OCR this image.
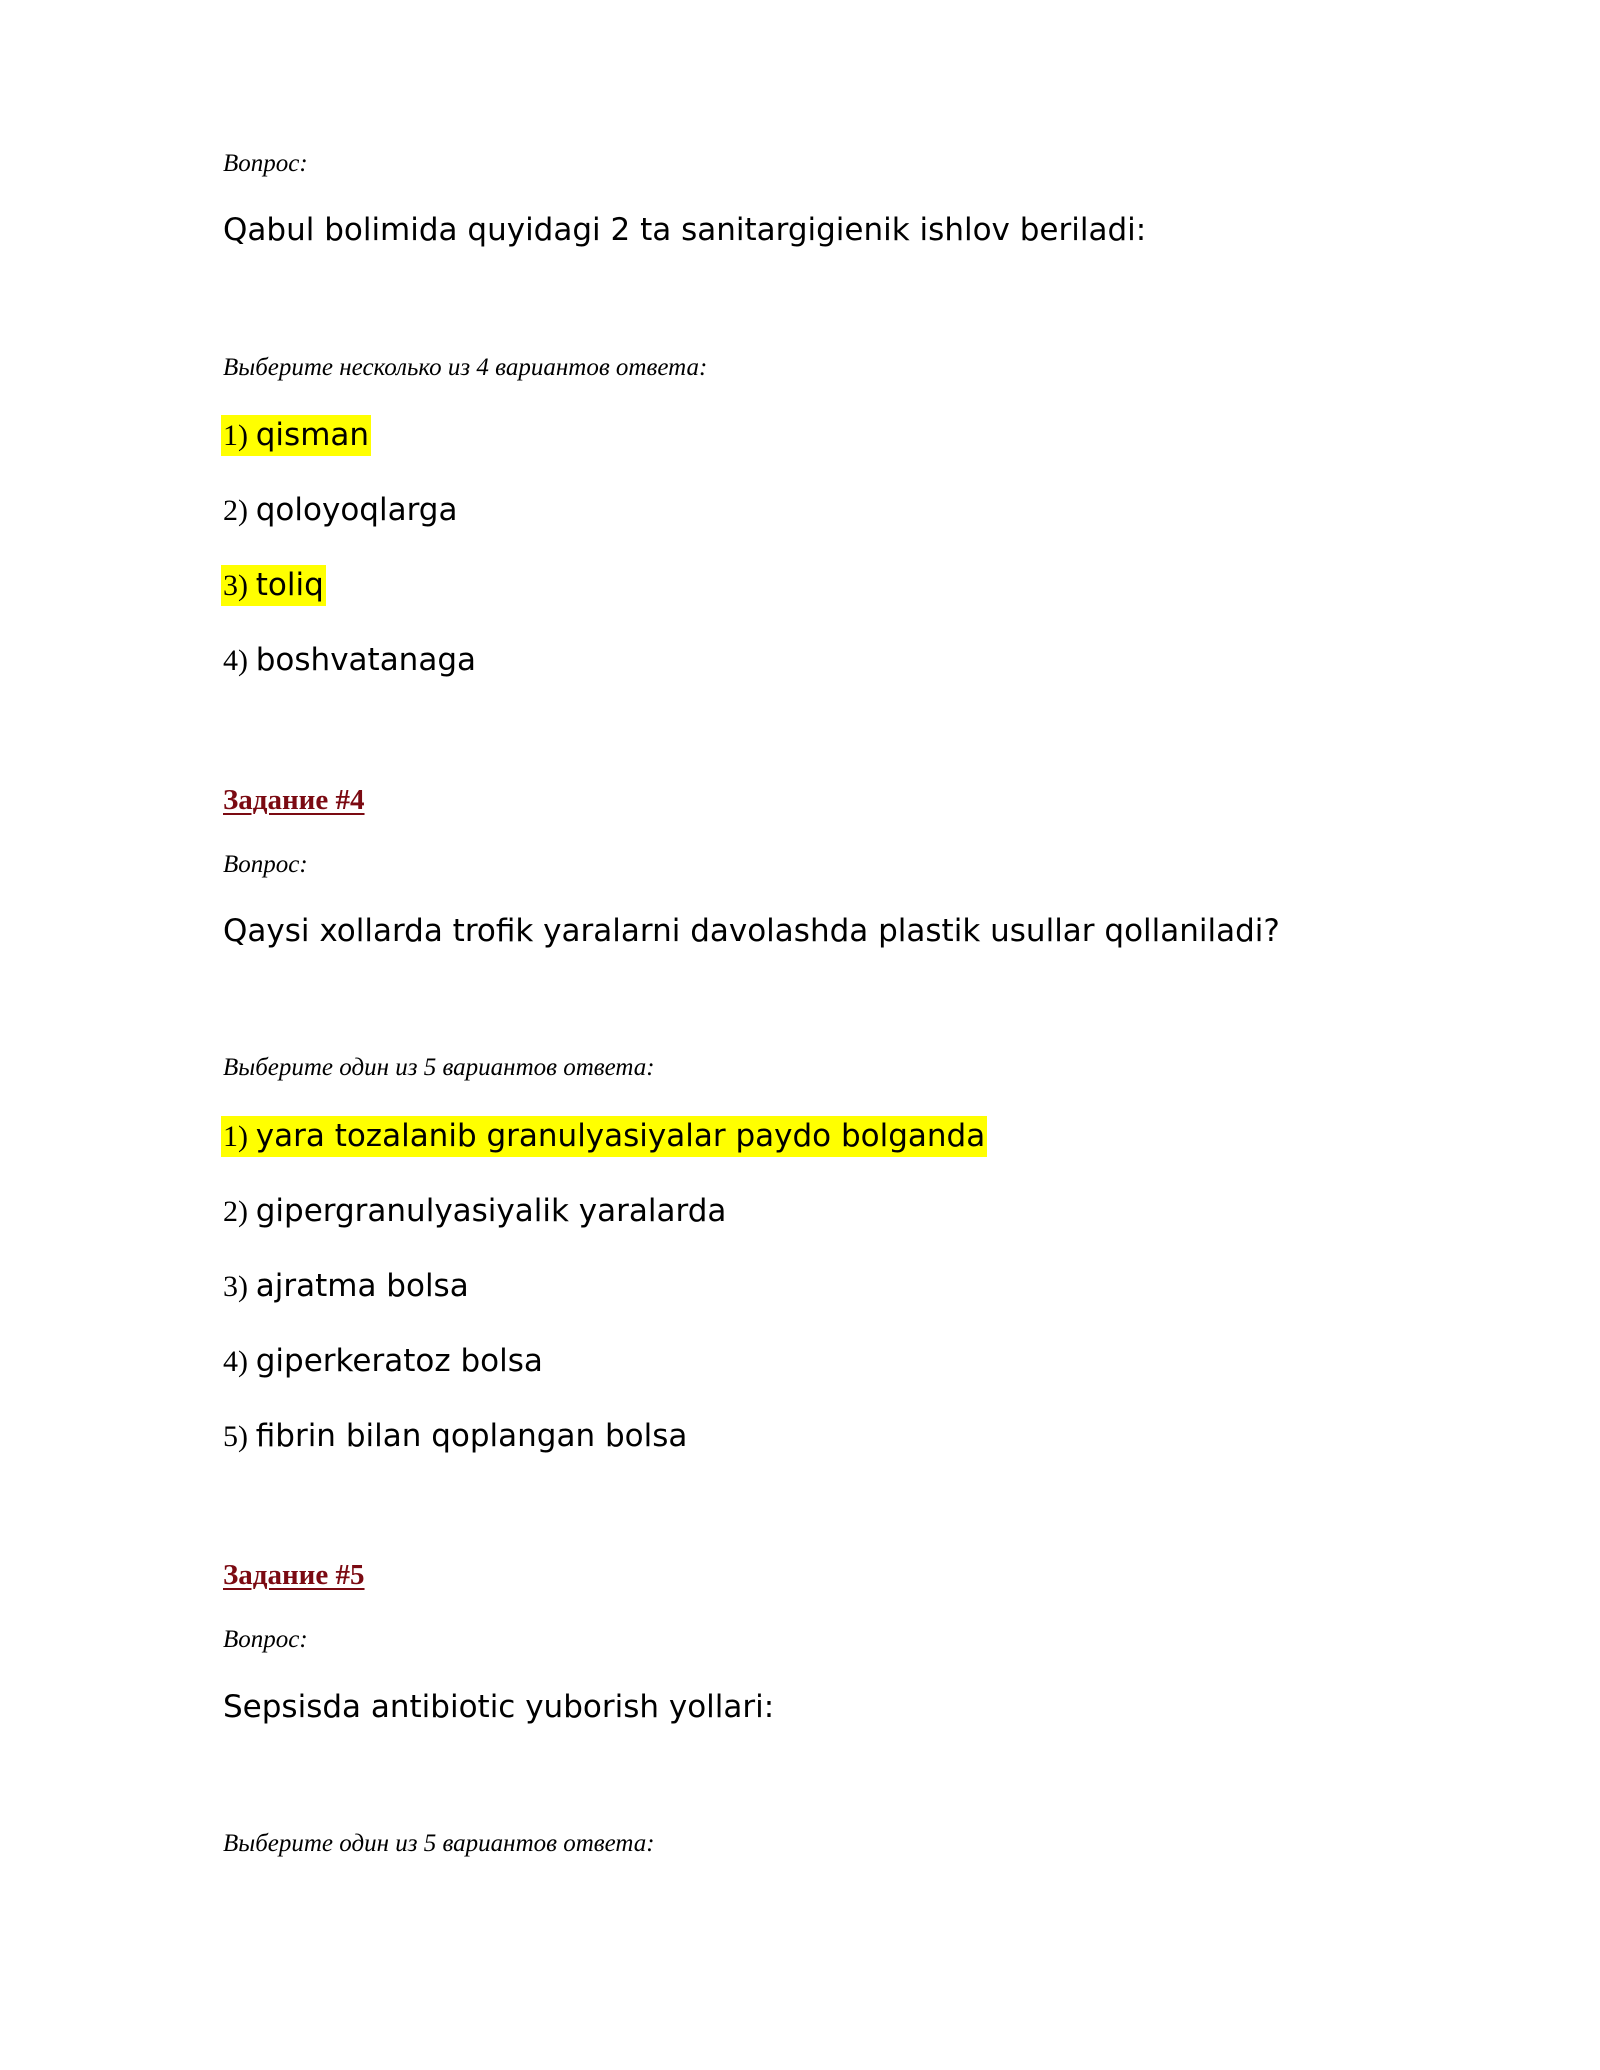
Вопрос:
Qabul bolimida quyidagi 2 ta sanitargigienik ishlov beriladi:
Выберите несколько из 4 вариантов ответа:
1) qisman
2) qoloyoqlarga
3) toliq
4) boshvatanaga
Задание #4
Вопрос:
Qaysi xollarda trofik yaralarni davolashda plastik usullar qollaniladi?
Выберите один из 5 вариантов ответа:
1) yara tozalanib granulyasiyalar paydo bolganda
2) gipergranulyasiyalik yaralarda
3) ajratma bolsa
4) giperkeratoz bolsa
5) fibrin bilan qoplangan bolsa
Задание #5
Вопрос:
Sepsisda antibiotic yuborish yollari:
Выберите один из 5 вариантов ответа:
